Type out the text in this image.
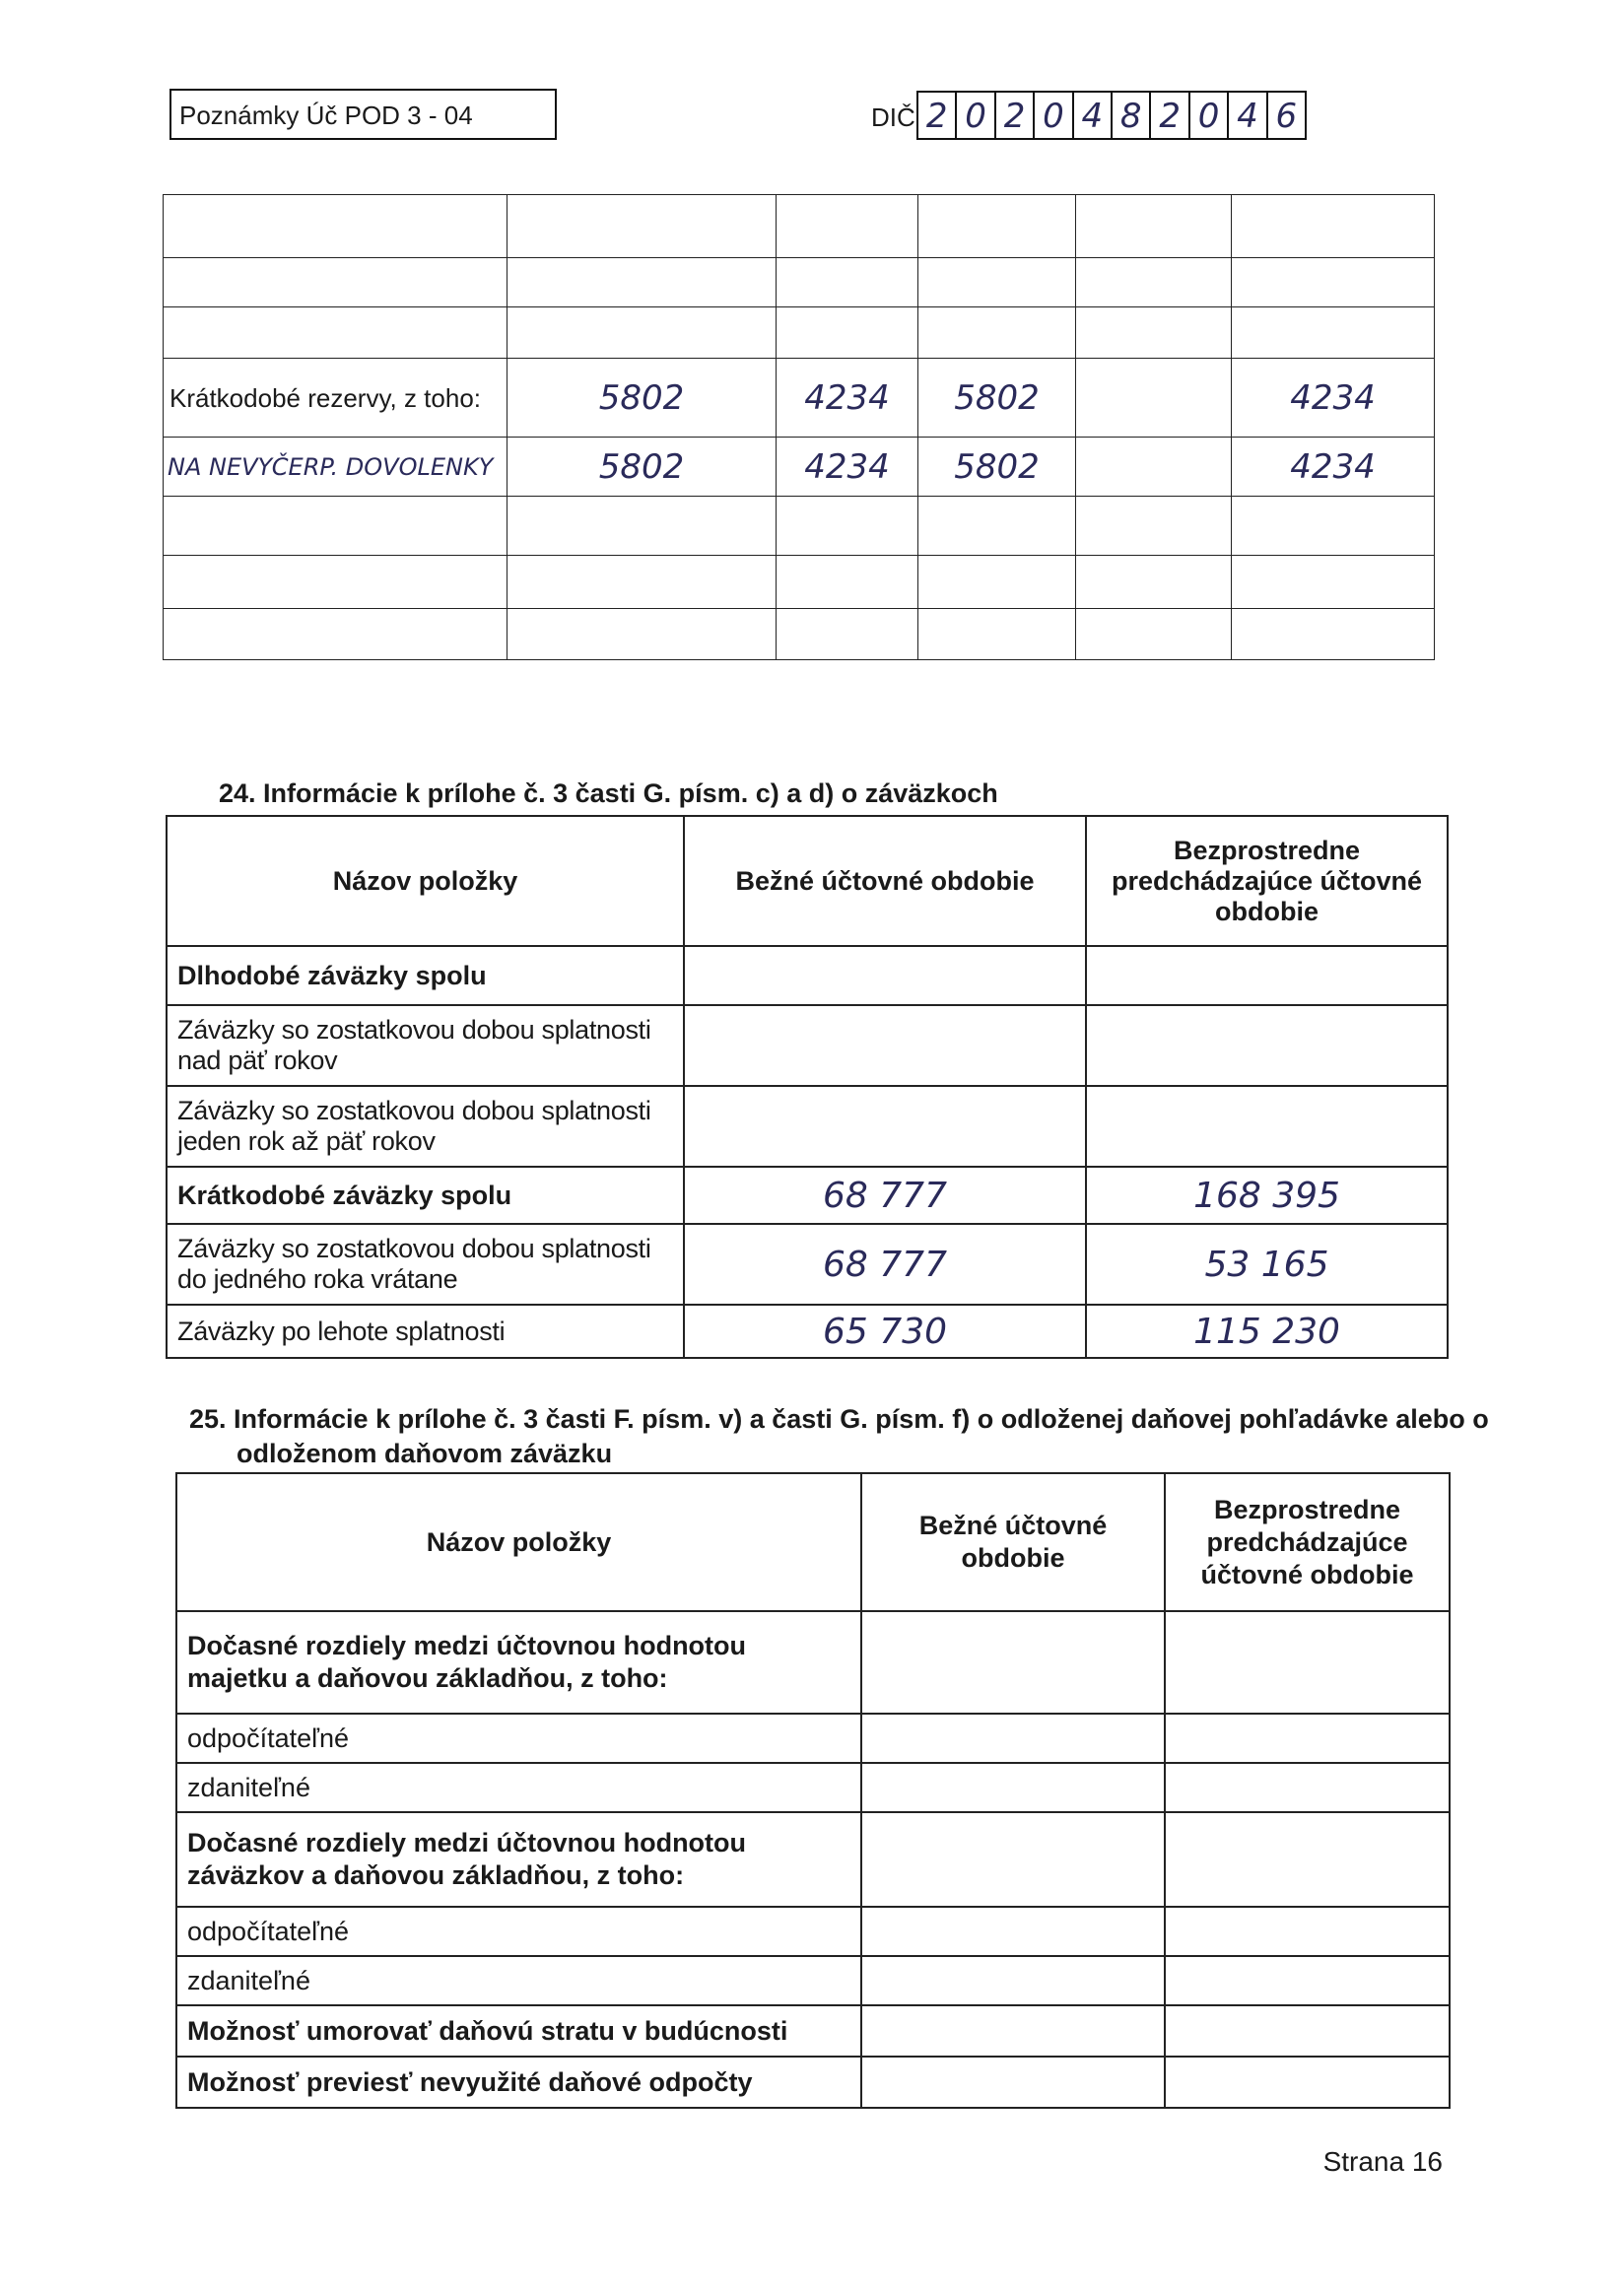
Poznámky Úč POD 3 - 04	DIČ 2 0 2 0 4 8 2 0 4 6

Krátkodobé rezervy, z toho:	5802	4234	5802		4234
NA NEVYČERP. DOVOLENKY	5802	4234	5802		4234

24. Informácie k prílohe č. 3 časti G. písm. c) a d) o záväzkoch
Názov položky	Bežné účtovné obdobie	Bezprostredne predchádzajúce účtovné obdobie
Dlhodobé záväzky spolu		
Záväzky so zostatkovou dobou splatnosti nad päť rokov		
Záväzky so zostatkovou dobou splatnosti jeden rok až päť rokov		
Krátkodobé záväzky spolu	68 777	168 395
Záväzky so zostatkovou dobou splatnosti do jedného roka vrátane	68 777	53 165
Záväzky po lehote splatnosti	65 730	115 230
25. Informácie k prílohe č. 3 časti F. písm. v) a časti G. písm. f) o odloženej daňovej pohľadávke alebo o
odloženom daňovom záväzku
Názov položky	Bežné účtovné obdobie	Bezprostredne predchádzajúce účtovné obdobie
Dočasné rozdiely medzi účtovnou hodnotou majetku a daňovou základňou, z toho:		
odpočítateľné		
zdaniteľné		
Dočasné rozdiely medzi účtovnou hodnotou záväzkov a daňovou základňou, z toho:		
odpočítateľné		
zdaniteľné		
Možnosť umorovať daňovú stratu v budúcnosti		
Možnosť previesť nevyužité daňové odpočty		
Strana 16
